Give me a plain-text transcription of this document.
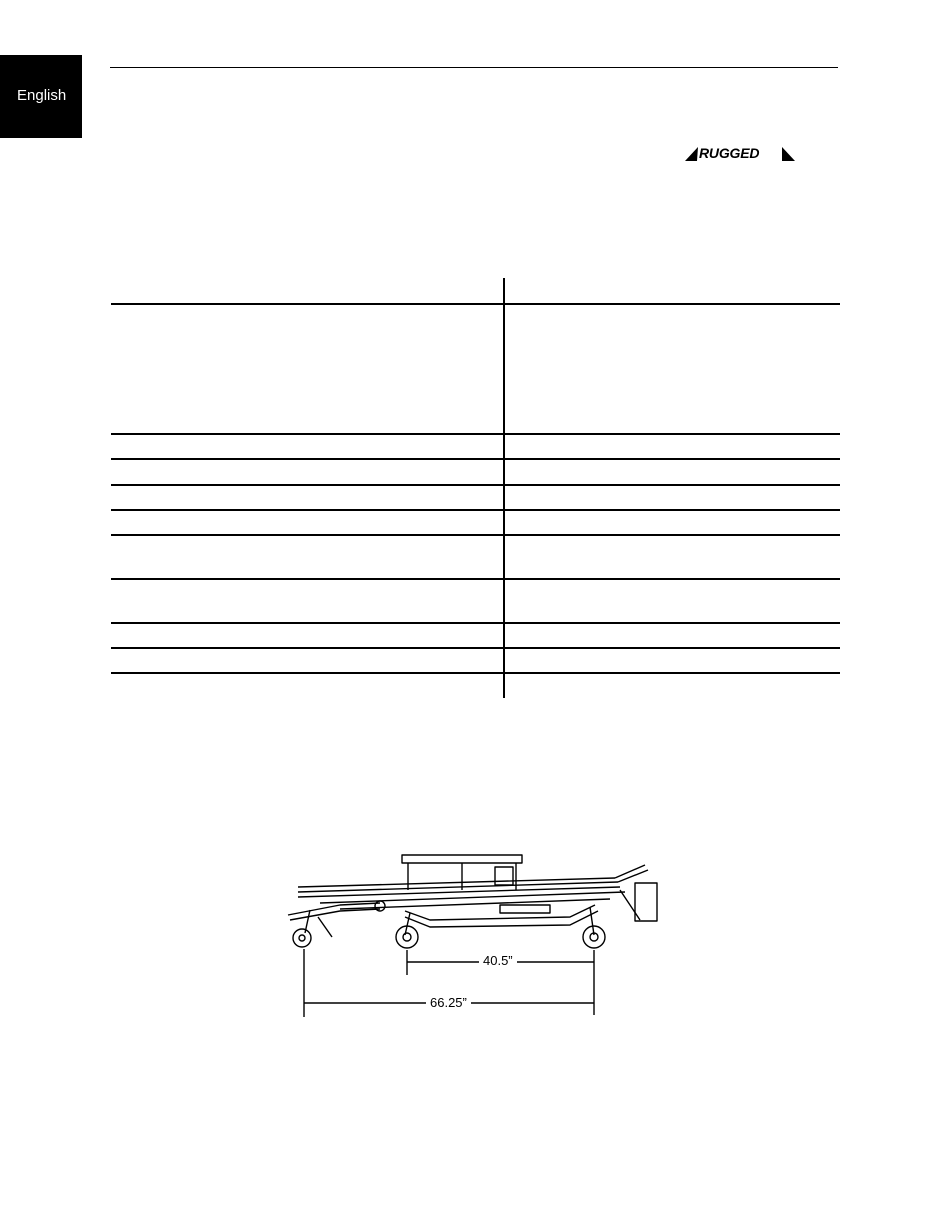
English
RUGGED
40.5”
66.25”
